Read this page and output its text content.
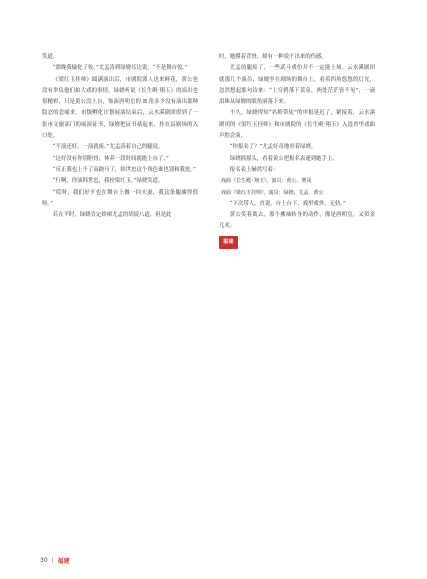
笑道。

“那晚我输化了妆。”尤孟涛到绿娆耳边说，“不是舞台妆。”

《梁红玉挂帅》圆满演出后，市剧院派人送来鲜花，黄公也没有辜负他们拍大戏的事情。绿娆听说《长生殿·翔玉》的演出也很精彩，只是黄公没上台，饰演唐明皇的 B 角多少没有演出那种隐忍的悲痛来。市级孵化计划展演结束后，云水溪剧团得到了一张市文旅部门的展演证书，绿娆把证书裱起来，挂在县剧场的入口处。

“不演还好，一演就废。”尤孟涛着自己的腿说。

“这好没有你别胆骨，休养一段时间就能上台了。”

“反正我也上不了高跷马了，韩世忠这个角色谁也别和我抢。”

“行啊，你演韩世忠，我扮梁红玉。”绿娆笑道。

“哎呀，我们好歹也在舞台上做一回夫妻，我这条腿瘸得值呀。”

若在平时，绿娆肯定娇嗔尤孟的胡说八道，但是此

时，她摸着背脊，却有一种说不出来的伤感。

尤孟的腿废了，一些武斗戏份并不一定能上场。云水溪剧团就那几个演员，绿娆坐在剧场的舞台上，看着四角悠悠的灯光，忽然想起那句诗来：“上穷碧落下黄泉，两处茫茫皆不见”，一滴泪珠从绿娆的眼角滚落下来。

不久，绿娆得知“名师带徒”的申报延迟了，紧接着，云水溪剧团的《梁红玉挂帅》和市剧院的《长生殿·翔玉》入选省里戏曲声腔会演。

“你报名了？”尤孟好奇地看着绿娆。

绿娆摇摇头，看着黄公把报名表递到她手上。

报名表上赫然写着：

戏曲《长生殿·翔玉》，演员：黄公、赛凤

戏曲《梁红玉挂帅》，演员：绿娆、尤孟、黄公

“下次带人，直说。台上台下，戏里戏外，无妨。”

黄公笑着离去，那个拂袖转身的动作，像是唐明皇，又似金兀术。

福建
30 | 福建
